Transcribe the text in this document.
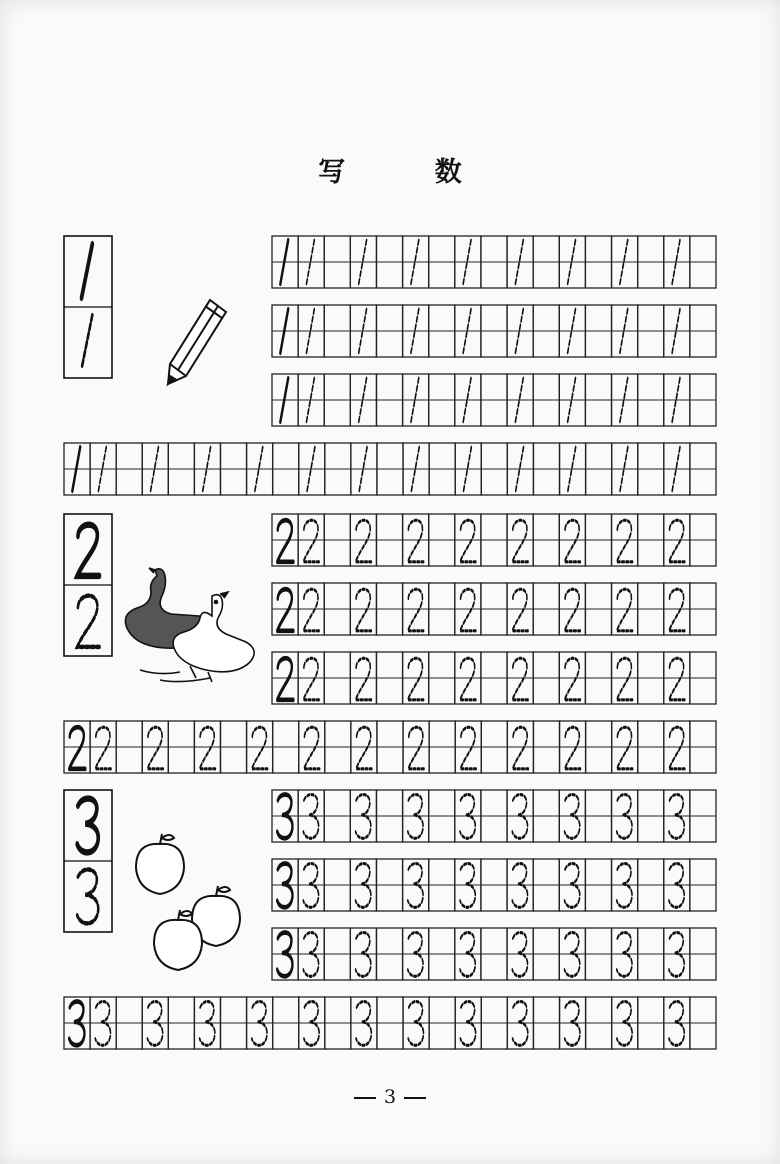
写 数
3
